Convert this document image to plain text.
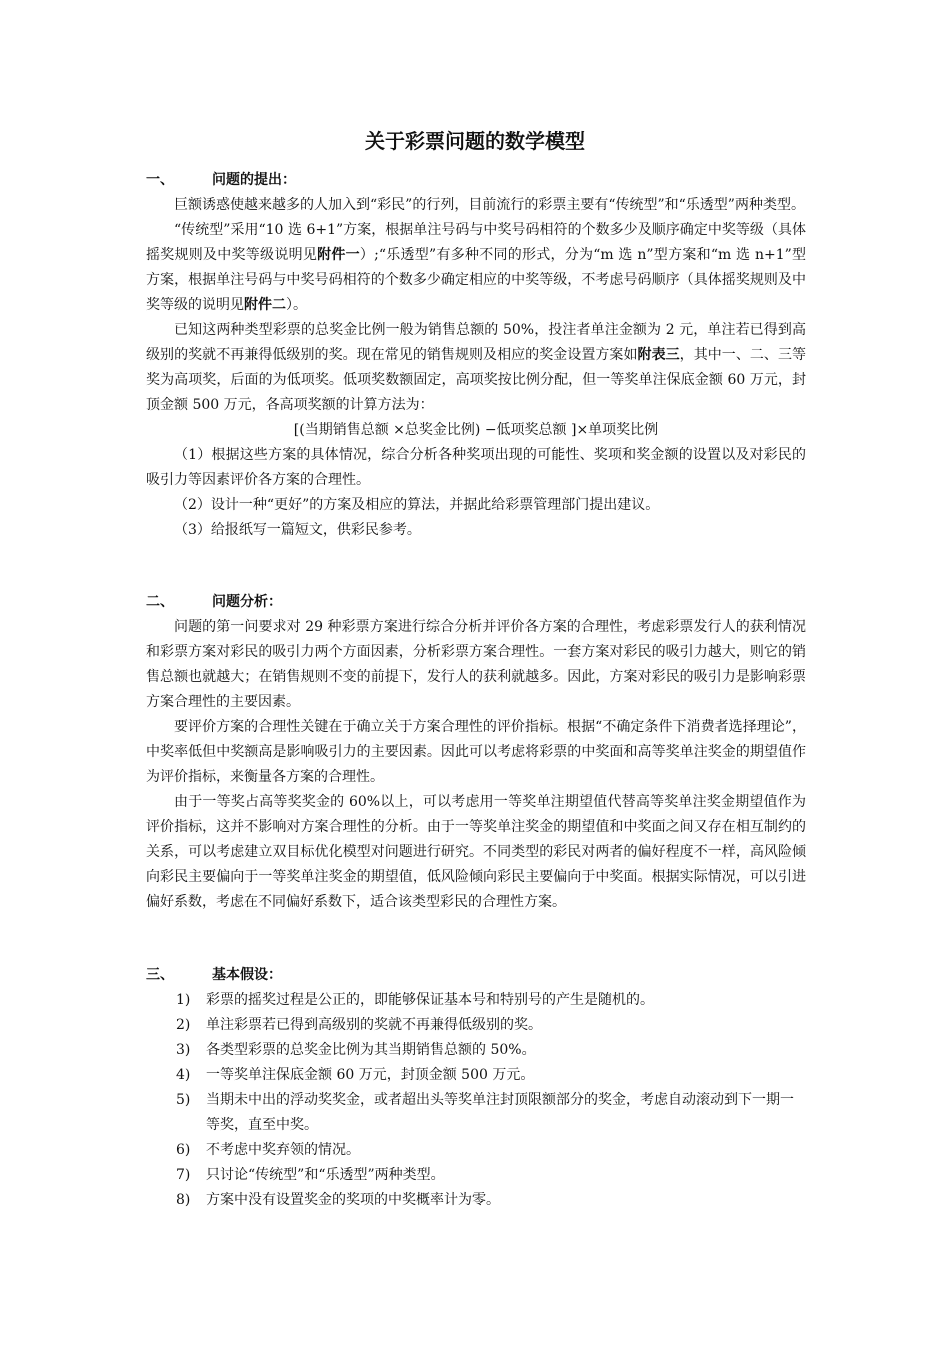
关于彩票问题的数学模型
一、	问题的提出：

巨额诱惑使越来越多的人加入到“彩民”的行列，目前流行的彩票主要有“传统型”和“乐透型”两种类型。

“传统型”采用“10 选 6+1”方案，根据单注号码与中奖号码相符的个数多少及顺序确定中奖等级（具体摇奖规则及中奖等级说明见附件一）;“乐透型”有多种不同的形式，分为“m 选 n”型方案和“m 选 n+1”型方案，根据单注号码与中奖号码相符的个数多少确定相应的中奖等级，不考虑号码顺序（具体摇奖规则及中奖等级的说明见附件二）。

已知这两种类型彩票的总奖金比例一般为销售总额的 50%，投注者单注金额为 2 元，单注若已得到高级别的奖就不再兼得低级别的奖。现在常见的销售规则及相应的奖金设置方案如附表三，其中一、二、三等奖为高项奖，后面的为低项奖。低项奖数额固定，高项奖按比例分配，但一等奖单注保底金额 60 万元，封顶金额 500 万元，各高项奖额的计算方法为：

[(当期销售总额 ×总奖金比例) −低项奖总额 ]×单项奖比例

（1）根据这些方案的具体情况，综合分析各种奖项出现的可能性、奖项和奖金额的设置以及对彩民的吸引力等因素评价各方案的合理性。

（2）设计一种“更好”的方案及相应的算法，并据此给彩票管理部门提出建议。

（3）给报纸写一篇短文，供彩民参考。

二、	问题分析：

问题的第一问要求对 29 种彩票方案进行综合分析并评价各方案的合理性，考虑彩票发行人的获利情况和彩票方案对彩民的吸引力两个方面因素，分析彩票方案合理性。一套方案对彩民的吸引力越大，则它的销售总额也就越大；在销售规则不变的前提下，发行人的获利就越多。因此，方案对彩民的吸引力是影响彩票方案合理性的主要因素。

要评价方案的合理性关键在于确立关于方案合理性的评价指标。根据“不确定条件下消费者选择理论”，中奖率低但中奖额高是影响吸引力的主要因素。因此可以考虑将彩票的中奖面和高等奖单注奖金的期望值作为评价指标，来衡量各方案的合理性。

由于一等奖占高等奖奖金的 60%以上，可以考虑用一等奖单注期望值代替高等奖单注奖金期望值作为评价指标，这并不影响对方案合理性的分析。由于一等奖单注奖金的期望值和中奖面之间又存在相互制约的关系，可以考虑建立双目标优化模型对问题进行研究。不同类型的彩民对两者的偏好程度不一样，高风险倾向彩民主要偏向于一等奖单注奖金的期望值，低风险倾向彩民主要偏向于中奖面。根据实际情况，可以引进偏好系数，考虑在不同偏好系数下，适合该类型彩民的合理性方案。

三、	基本假设：
1) 彩票的摇奖过程是公正的，即能够保证基本号和特别号的产生是随机的。
2) 单注彩票若已得到高级别的奖就不再兼得低级别的奖。
3) 各类型彩票的总奖金比例为其当期销售总额的 50%。
4) 一等奖单注保底金额 60 万元，封顶金额 500 万元。
5) 当期未中出的浮动奖奖金，或者超出头等奖单注封顶限额部分的奖金，考虑自动滚动到下一期一等奖，直至中奖。
6) 不考虑中奖弃领的情况。
7) 只讨论“传统型”和“乐透型”两种类型。
8) 方案中没有设置奖金的奖项的中奖概率计为零。
